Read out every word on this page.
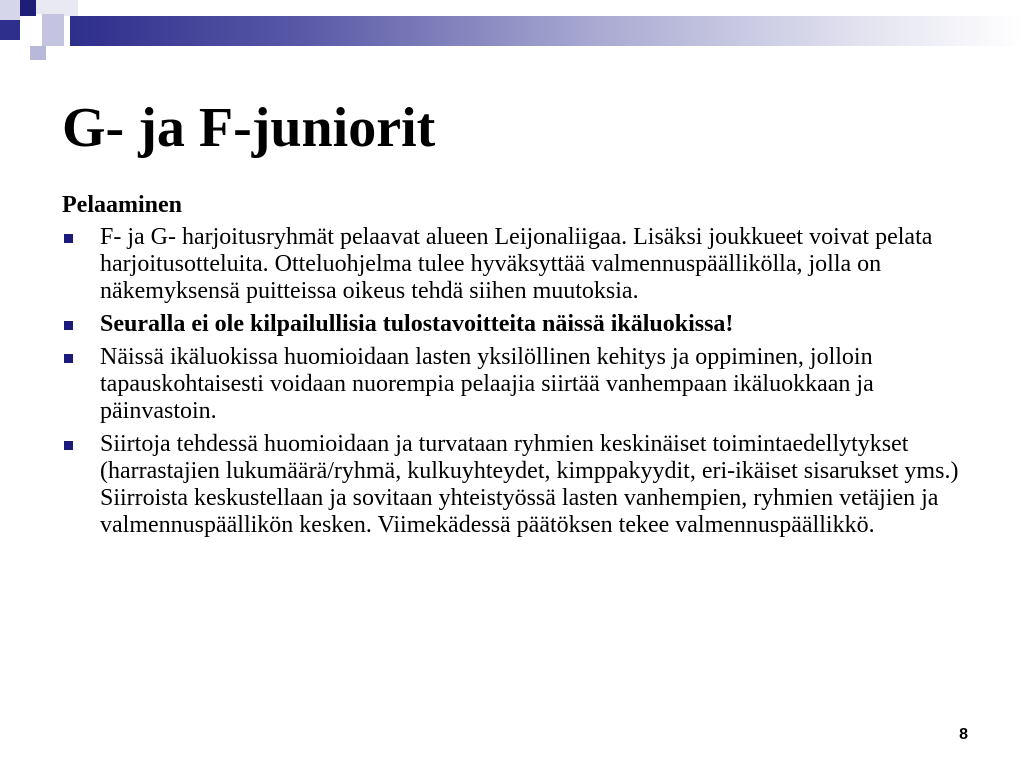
G- ja F-juniorit
Pelaaminen
F- ja G- harjoitusryhmät pelaavat alueen Leijonaliigaa. Lisäksi joukkueet voivat pelata harjoitusotteluita. Otteluohjelma tulee hyväksyttää valmennuspäällikölla, jolla on näkemyksensä puitteissa oikeus tehdä siihen muutoksia.
Seuralla ei ole kilpailullisia tulostavoitteita näissä ikäluokissa!
Näissä ikäluokissa huomioidaan lasten yksilöllinen kehitys ja oppiminen, jolloin tapauskohtaisesti voidaan nuorempia pelaajia siirtää vanhempaan ikäluokkaan ja päinvastoin.
Siirtoja tehdessä huomioidaan ja turvataan ryhmien keskinäiset toimintaedellytykset (harrastajien lukumäärä/ryhmä, kulkuyhteydet, kimppakyydit, eri-ikäiset sisarukset yms.) Siirroista keskustellaan ja sovitaan yhteistyössä lasten vanhempien, ryhmien vetäjien ja valmennuspäällikön kesken. Viimekädessä päätöksen tekee valmennuspäällikkö.
8
